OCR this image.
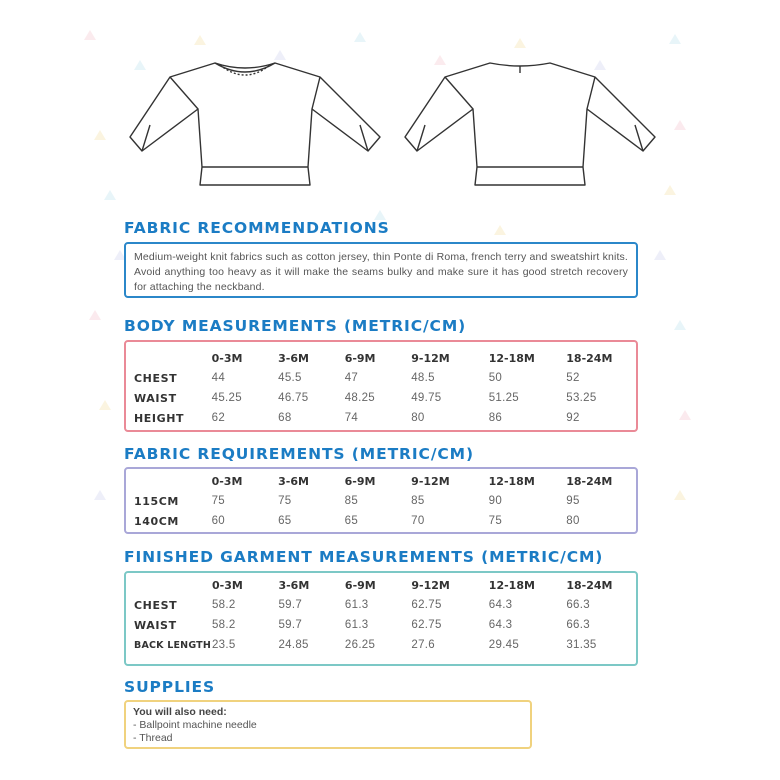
FABRIC RECOMMENDATIONS
Medium-weight knit fabrics such as cotton jersey, thin Ponte di Roma, french terry and sweatshirt knits. Avoid anything too heavy as it will make the seams bulky and make sure it has good stretch recovery for attaching the neckband.
BODY MEASUREMENTS (METRIC/CM)
	0-3M	3-6M	6-9M	9-12M	12-18M	18-24M
CHEST	44	45.5	47	48.5	50	52
WAIST	45.25	46.75	48.25	49.75	51.25	53.25
HEIGHT	62	68	74	80	86	92
FABRIC REQUIREMENTS (METRIC/CM)
	0-3M	3-6M	6-9M	9-12M	12-18M	18-24M
115CM	75	75	85	85	90	95
140CM	60	65	65	70	75	80
FINISHED GARMENT MEASUREMENTS (METRIC/CM)
	0-3M	3-6M	6-9M	9-12M	12-18M	18-24M
CHEST	58.2	59.7	61.3	62.75	64.3	66.3
WAIST	58.2	59.7	61.3	62.75	64.3	66.3
BACK LENGTH	23.5	24.85	26.25	27.6	29.45	31.35
SUPPLIES
You will also need:
- Ballpoint machine needle
- Thread
